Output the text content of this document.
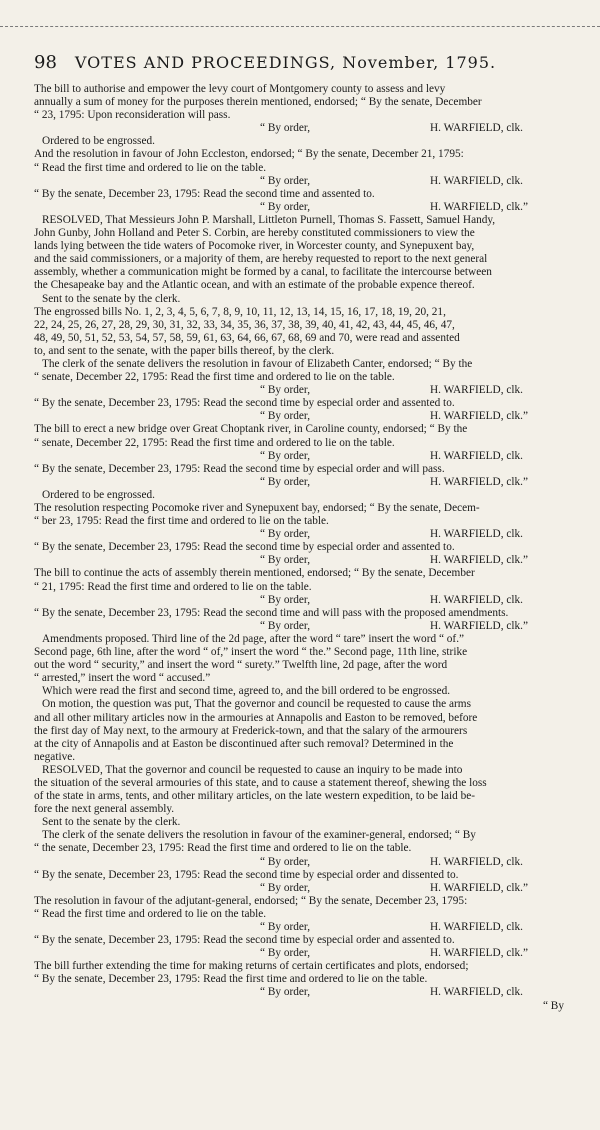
98 VOTES AND PROCEEDINGS, November, 1795.
The bill to authorise and empower the levy court of Montgomery county to assess and levy
annually a sum of money for the purposes therein mentioned, endorsed; “ By the senate, December
“ 23, 1795: Upon reconsideration will pass.
“ By order,	H. WARFIELD, clk.
Ordered to be engrossed.
And the resolution in favour of John Eccleston, endorsed; “ By the senate, December 21, 1795:
“ Read the first time and ordered to lie on the table.
“ By order,	H. WARFIELD, clk.
“ By the senate, December 23, 1795: Read the second time and assented to.
“ By order,	H. WARFIELD, clk.”
RESOLVED, That Messieurs John P. Marshall, Littleton Purnell, Thomas S. Fassett, Samuel Handy,
John Gunby, John Holland and Peter S. Corbin, are hereby constituted commissioners to view the
lands lying between the tide waters of Pocomoke river, in Worcester county, and Synepuxent bay,
and the said commissioners, or a majority of them, are hereby requested to report to the next general
assembly, whether a communication might be formed by a canal, to facilitate the intercourse between
the Chesapeake bay and the Atlantic ocean, and with an estimate of the probable expence thereof.
Sent to the senate by the clerk.
The engrossed bills No. 1, 2, 3, 4, 5, 6, 7, 8, 9, 10, 11, 12, 13, 14, 15, 16, 17, 18, 19, 20, 21,
22, 24, 25, 26, 27, 28, 29, 30, 31, 32, 33, 34, 35, 36, 37, 38, 39, 40, 41, 42, 43, 44, 45, 46, 47,
48, 49, 50, 51, 52, 53, 54, 57, 58, 59, 61, 63, 64, 66, 67, 68, 69 and 70, were read and assented
to, and sent to the senate, with the paper bills thereof, by the clerk.
The clerk of the senate delivers the resolution in favour of Elizabeth Canter, endorsed; “ By the
“ senate, December 22, 1795: Read the first time and ordered to lie on the table.
“ By order,	H. WARFIELD, clk.
“ By the senate, December 23, 1795: Read the second time by especial order and assented to.
“ By order,	H. WARFIELD, clk.”
The bill to erect a new bridge over Great Choptank river, in Caroline county, endorsed; “ By the
“ senate, December 22, 1795: Read the first time and ordered to lie on the table.
“ By order,	H. WARFIELD, clk.
“ By the senate, December 23, 1795: Read the second time by especial order and will pass.
“ By order,	H. WARFIELD, clk.”
Ordered to be engrossed.
The resolution respecting Pocomoke river and Synepuxent bay, endorsed; “ By the senate, Decem-
“ ber 23, 1795: Read the first time and ordered to lie on the table.
“ By order,	H. WARFIELD, clk.
“ By the senate, December 23, 1795: Read the second time by especial order and assented to.
“ By order,	H. WARFIELD, clk.”
The bill to continue the acts of assembly therein mentioned, endorsed; “ By the senate, December
“ 21, 1795: Read the first time and ordered to lie on the table.
“ By order,	H. WARFIELD, clk.
“ By the senate, December 23, 1795: Read the second time and will pass with the proposed amendments.
“ By order,	H. WARFIELD, clk.”
Amendments proposed. Third line of the 2d page, after the word “ tare” insert the word “ of.”
Second page, 6th line, after the word “ of,” insert the word “ the.” Second page, 11th line, strike
out the word “ security,” and insert the word “ surety.” Twelfth line, 2d page, after the word
“ arrested,” insert the word “ accused.”
Which were read the first and second time, agreed to, and the bill ordered to be engrossed.
On motion, the question was put, That the governor and council be requested to cause the arms
and all other military articles now in the armouries at Annapolis and Easton to be removed, before
the first day of May next, to the armoury at Frederick-town, and that the salary of the armourers
at the city of Annapolis and at Easton be discontinued after such removal? Determined in the
negative.
RESOLVED, That the governor and council be requested to cause an inquiry to be made into
the situation of the several armouries of this state, and to cause a statement thereof, shewing the loss
of the state in arms, tents, and other military articles, on the late western expedition, to be laid be-
fore the next general assembly.
Sent to the senate by the clerk.
The clerk of the senate delivers the resolution in favour of the examiner-general, endorsed; “ By
“ the senate, December 23, 1795: Read the first time and ordered to lie on the table.
“ By order,	H. WARFIELD, clk.
“ By the senate, December 23, 1795: Read the second time by especial order and dissented to.
“ By order,	H. WARFIELD, clk.”
The resolution in favour of the adjutant-general, endorsed; “ By the senate, December 23, 1795:
“ Read the first time and ordered to lie on the table.
“ By order,	H. WARFIELD, clk.
“ By the senate, December 23, 1795: Read the second time by especial order and assented to.
“ By order,	H. WARFIELD, clk.”
The bill further extending the time for making returns of certain certificates and plots, endorsed;
“ By the senate, December 23, 1795: Read the first time and ordered to lie on the table.
“ By order,	H. WARFIELD, clk.
“ By
